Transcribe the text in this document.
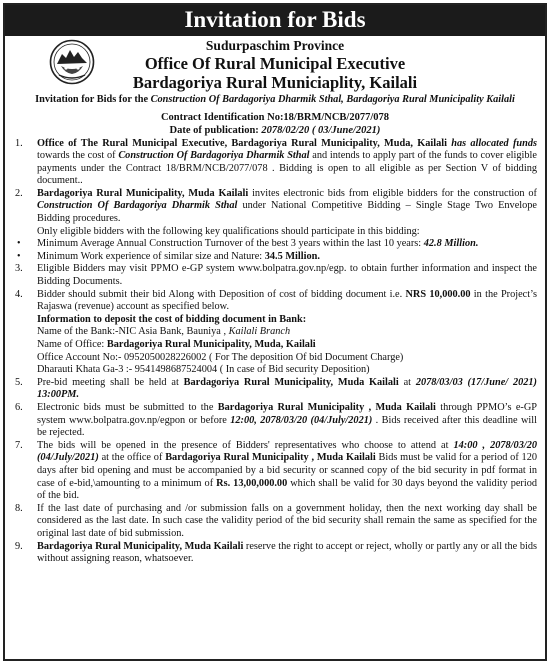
Invitation for Bids
Sudurpaschim Province
Office Of Rural Municipal Executive
Bardagoriya Rural Municiaplity, Kailali
Invitation for Bids for the Construction Of Bardagoriya Dharmik Sthal, Bardagoriya Rural Municipality Kailali
Contract Identification No:18/BRM/NCB/2077/078
Date of publication: 2078/02/20 ( 03/June/2021)
1.	Office of The Rural Municipal Executive, Bardagoriya Rural Municipality, Muda, Kailali has allocated funds towards the cost of Construction Of Bardagoriya Dharmik Sthal and intends to apply part of the funds to cover eligible payments under the Contract 18/BRM/NCB/2077/078 . Bidding is open to all eligible as per Section V of bidding document..
2.	Bardagoriya Rural Municipality, Muda Kailali invites electronic bids from eligible bidders for the construction of Construction Of Bardagoriya Dharmik Sthal under National Competitive Bidding – Single Stage Two Envelope Bidding procedures.
Only eligible bidders with the following key qualifications should participate in this bidding:
•	Minimum Average Annual Construction Turnover of the best 3 years within the last 10 years: 42.8 Million.
•	Minimum Work experience of similar size and Nature: 34.5 Million.
3.	Eligible Bidders may visit PPMO e-GP system www.bolpatra.gov.np/egp. to obtain further information and inspect the Bidding Documents.
4.	Bidder should submit their bid Along with Deposition of cost of bidding document i.e. NRS 10,000.00 in the Project’s Rajaswa (revenue) account as specified below.
Information to deposit the cost of bidding document in Bank:
Name of the Bank:-NIC Asia Bank, Bauniya , Kailali Branch
Name of Office: Bardagoriya Rural Municipality, Muda, Kailali
Office Account No:- 0952050028226002 ( For The deposition Of bid Document Charge)
Dharauti Khata Ga-3 :- 9541498687524004 ( In case of Bid security Deposition)
5.	Pre-bid meeting shall be held at Bardagoriya Rural Municipality, Muda Kailali at 2078/03/03 (17/June/ 2021) 13:00PM.
6.	Electronic bids must be submitted to the Bardagoriya Rural Municipality , Muda Kailali through PPMO’s e-GP system www.bolpatra.gov.np/egpon or before 12:00, 2078/03/20 (04/July/2021) . Bids received after this deadline will be rejected.
7.	The bids will be opened in the presence of Bidders' representatives who choose to attend at 14:00 , 2078/03/20 (04/July/2021) at the office of Bardagoriya Rural Municipality , Muda Kailali Bids must be valid for a period of 120 days after bid opening and must be accompanied by a bid security or scanned copy of the bid security in pdf format in case of e-bid,\amounting to a minimum of Rs. 13,00,000.00 which shall be valid for 30 days beyond the validity period of the bid.
8.	If the last date of purchasing and /or submission falls on a government holiday, then the next working day shall be considered as the last date. In such case the validity period of the bid security shall remain the same as specified for the original last date of bid submission.
9.	Bardagoriya Rural Municipality, Muda Kailali reserve the right to accept or reject, wholly or partly any or all the bids without assigning reason, whatsoever.
